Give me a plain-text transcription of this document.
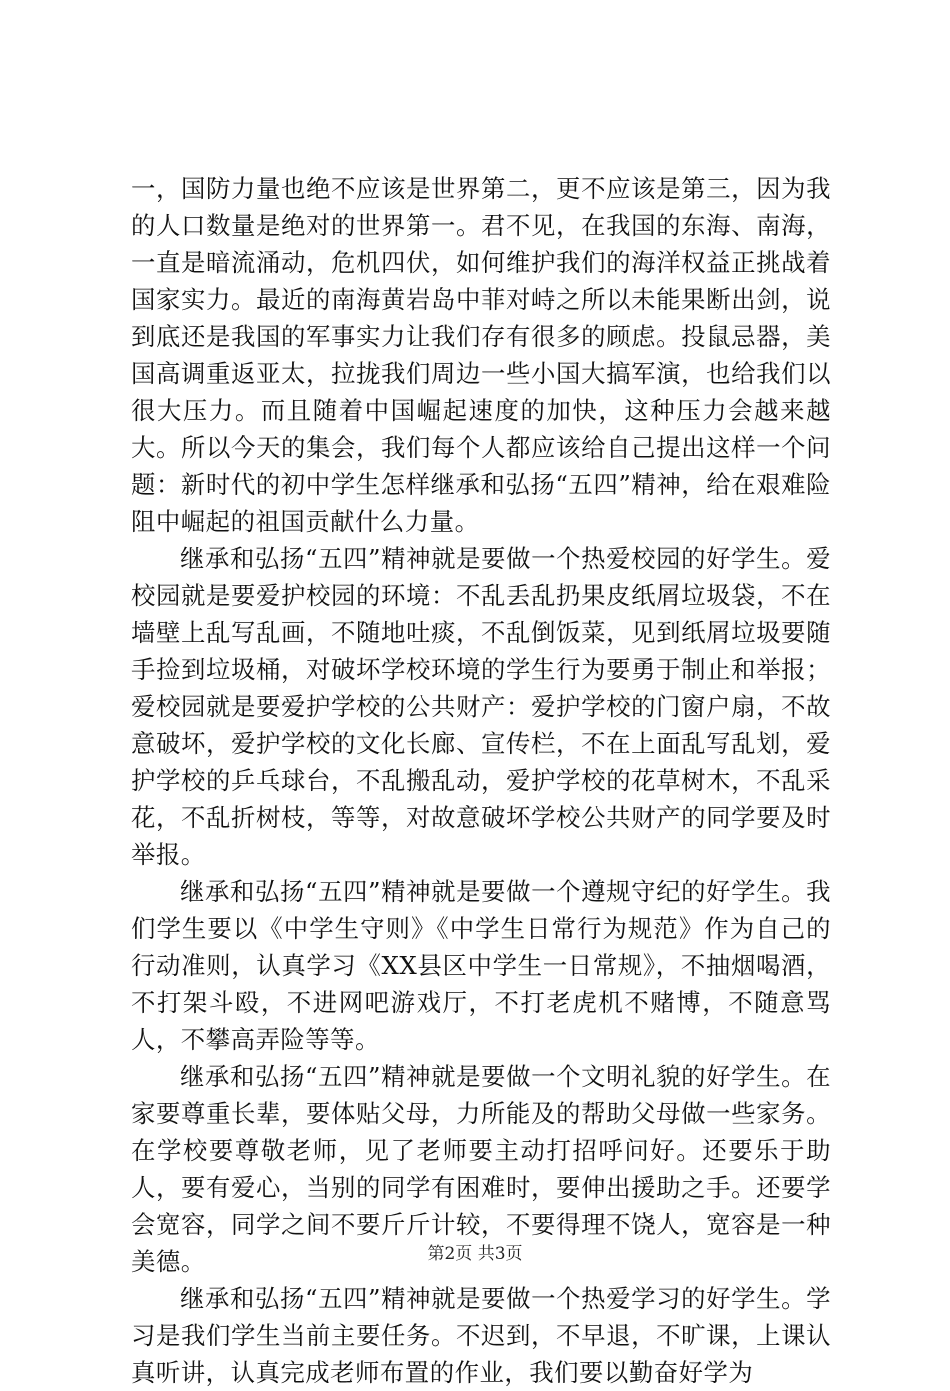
一，国防力量也绝不应该是世界第二，更不应该是第三，因为我的人口数量是绝对的世界第一。君不见，在我国的东海、南海，一直是暗流涌动，危机四伏，如何维护我们的海洋权益正挑战着国家实力。最近的南海黄岩岛中菲对峙之所以未能果断出剑，说到底还是我国的军事实力让我们存有很多的顾虑。投鼠忌器，美国高调重返亚太，拉拢我们周边一些小国大搞军演，也给我们以很大压力。而且随着中国崛起速度的加快，这种压力会越来越大。所以今天的集会，我们每个人都应该给自己提出这样一个问题：新时代的初中学生怎样继承和弘扬“五四”精神，给在艰难险阻中崛起的祖国贡献什么力量。

继承和弘扬“五四”精神就是要做一个热爱校园的好学生。爱校园就是要爱护校园的环境：不乱丢乱扔果皮纸屑垃圾袋，不在墙壁上乱写乱画，不随地吐痰，不乱倒饭菜，见到纸屑垃圾要随手捡到垃圾桶，对破坏学校环境的学生行为要勇于制止和举报；爱校园就是要爱护学校的公共财产：爱护学校的门窗户扇，不故意破坏，爱护学校的文化长廊、宣传栏，不在上面乱写乱划，爱护学校的乒乓球台，不乱搬乱动，爱护学校的花草树木，不乱采花，不乱折树枝，等等，对故意破坏学校公共财产的同学要及时举报。

继承和弘扬“五四”精神就是要做一个遵规守纪的好学生。我们学生要以《中学生守则》《中学生日常行为规范》作为自己的行动准则，认真学习《XX县区中学生一日常规》，不抽烟喝酒，不打架斗殴，不进网吧游戏厅，不打老虎机不赌博，不随意骂人，不攀高弄险等等。

继承和弘扬“五四”精神就是要做一个文明礼貌的好学生。在家要尊重长辈，要体贴父母，力所能及的帮助父母做一些家务。在学校要尊敬老师，见了老师要主动打招呼问好。还要乐于助人，要有爱心，当别的同学有困难时，要伸出援助之手。还要学会宽容，同学之间不要斤斤计较，不要得理不饶人，宽容是一种美德。

继承和弘扬“五四”精神就是要做一个热爱学习的好学生。学习是我们学生当前主要任务。不迟到，不早退，不旷课，上课认真听讲，认真完成老师布置的作业，我们要以勤奋好学为

第2页 共3页
